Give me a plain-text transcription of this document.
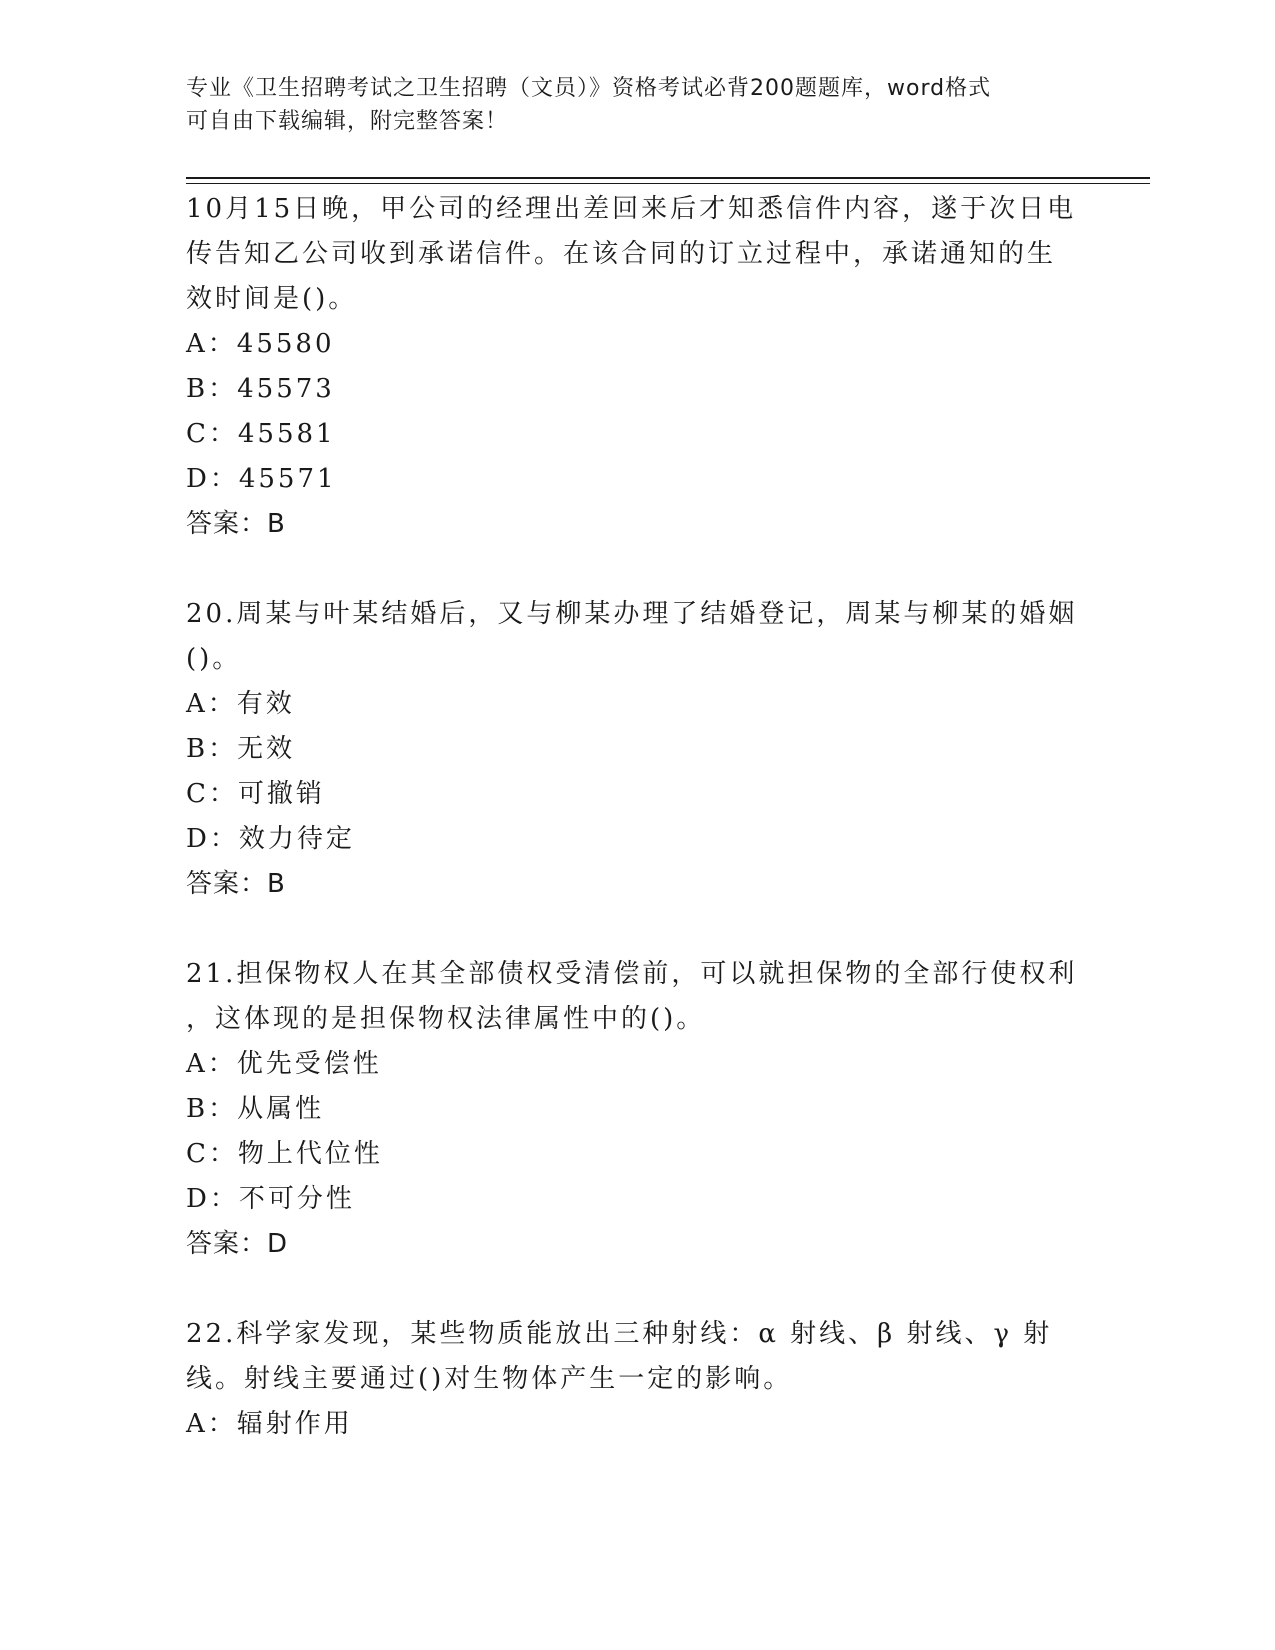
专业《卫生招聘考试之卫生招聘（文员）》资格考试必背200题题库，word格式
可自由下载编辑，附完整答案！
10月15日晚，甲公司的经理出差回来后才知悉信件内容，遂于次日电
传告知乙公司收到承诺信件。在该合同的订立过程中，承诺通知的生
效时间是()。
A：45580
B：45573
C：45581
D：45571
答案：B
20.周某与叶某结婚后，又与柳某办理了结婚登记，周某与柳某的婚姻
()。
A：有效
B：无效
C：可撤销
D：效力待定
答案：B
21.担保物权人在其全部债权受清偿前，可以就担保物的全部行使权利
，这体现的是担保物权法律属性中的()。
A：优先受偿性
B：从属性
C：物上代位性
D：不可分性
答案：D
22.科学家发现，某些物质能放出三种射线：α 射线、β 射线、γ 射
线。射线主要通过()对生物体产生一定的影响。
A：辐射作用
